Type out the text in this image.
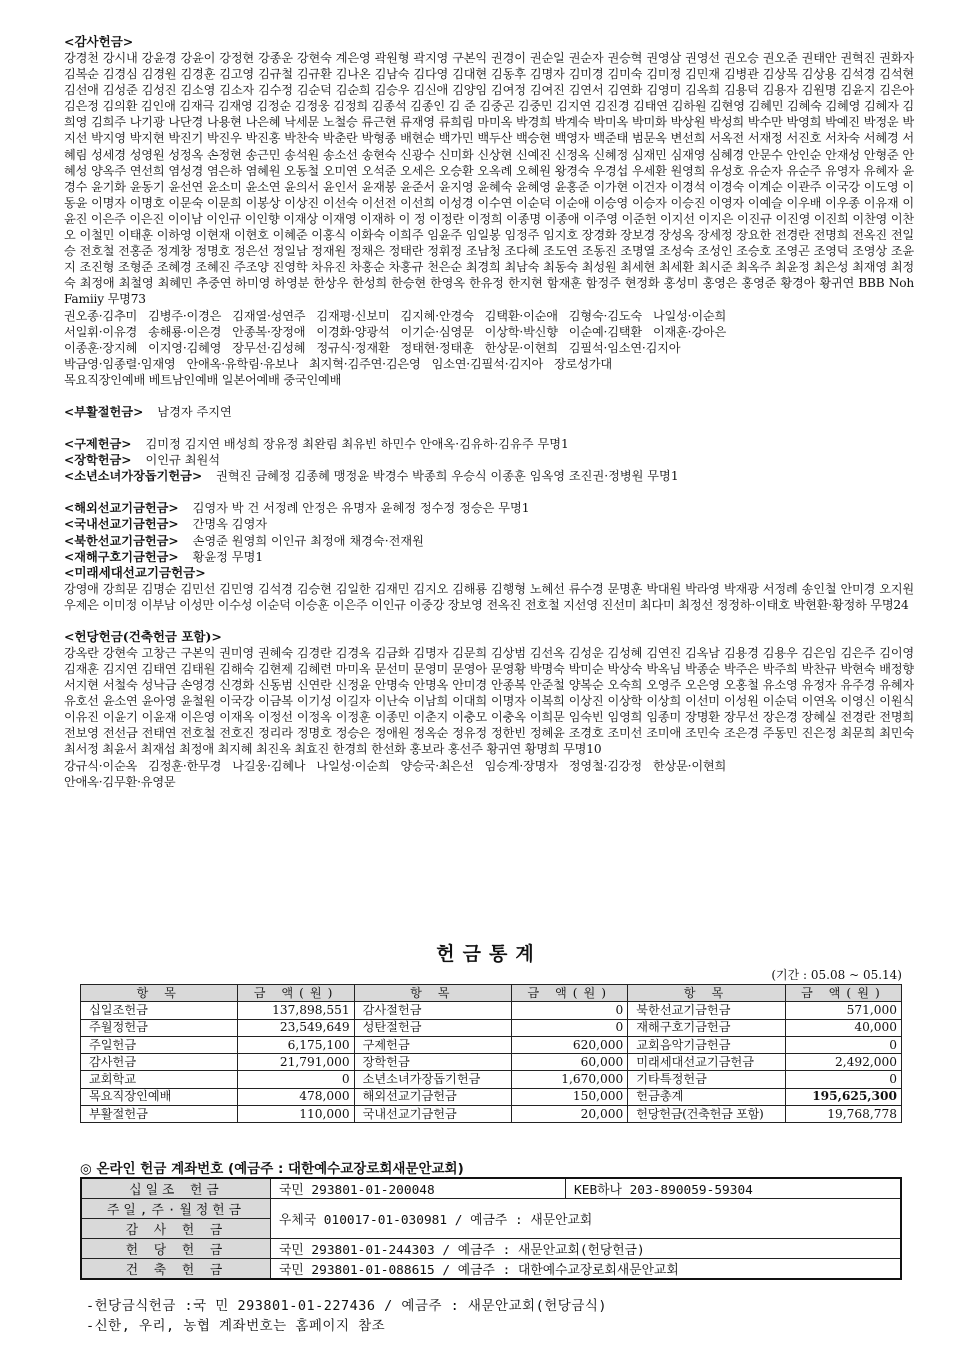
<감사헌금>
강경천 강시내 강윤경 강윤이 강정현 강종운 강현숙 계은영 곽원형 곽지영 구본익 권경이 권순일 권순자 권승혁 권영삼 권영선 권오승 권오준 권태안 권혁진 권화자 김복순 김경심 김경원 김경훈 김고영 김규철 김규환 김나온 김남숙 김다영 김대현 김동후 김명자 김미경 김미숙 김미정 김민재 김병관 김상목 김상용 김석경 김석현 김선애 김성준 김성진 김소영 김소자 김수정 김순덕 김순희 김승우 김신애 김양임 김여정 김여진 김연서 김연화 김영미 김옥희 김용덕 김용자 김원명 김윤지 김은아 김은정 김의환 김인애 김재극 김재영 김정순 김정웅 김정희 김종석 김종인 김 준 김중곤 김중민 김지연 김진경 김태연 김하원 김현영 김혜민 김혜숙 김혜영 김혜자 김희영 김희주 나기광 나단경 나용현 나은혜 낙세문 노철승 류근현 류재영 류희림 마미옥 박경희 박계숙 박미옥 박미화 박상원 박성희 박수만 박영희 박예진 박정운 박지선 박지영 박지현 박진기 박진우 박진홍 박찬숙 박춘란 박형종 배현순 백가민 백두산 백승현 백영자 백준태 범문옥 변선희 서옥전 서재정 서진호 서차숙 서혜경 서혜림 성세경 성영원 성정옥 손정현 송근민 송석원 송소선 송현숙 신광수 신미화 신상현 신예진 신정옥 신혜정 심재민 심재영 심혜경 안문수 안인순 안재성 안형준 안혜성 양옥주 연선희 염성경 염은하 염혜원 오동철 오미연 오석준 오세은 오승환 오옥례 오혜원 왕경숙 우경섭 우세환 원영희 유성호 유순자 유순주 유영자 유혜자 윤경수 윤기화 윤동기 윤선연 윤소미 윤소연 윤의서 윤인서 윤재봉 윤준서 윤지영 윤혜숙 윤혜영 윤홍준 이가현 이건자 이경석 이경숙 이계순 이관주 이국강 이도영 이동윤 이명자 이명호 이문숙 이문희 이봉상 이상진 이선숙 이선전 이선희 이성경 이수연 이순덕 이순애 이승영 이승자 이승진 이영자 이예슬 이우배 이우종 이유재 이윤진 이은주 이은진 이이남 이인규 이인향 이재상 이재영 이재하 이 정 이정란 이정희 이종명 이종애 이주영 이준헌 이지선 이지은 이진규 이진영 이진희 이찬영 이찬오 이철민 이태훈 이하영 이현재 이현호 이혜준 이홍식 이화숙 이희주 임윤주 임일봉 임정주 임지호 장경화 장보경 장성옥 장세정 장요한 전경란 전명희 전옥진 전일승 전호철 전홍준 정계창 정명호 정은선 정일남 정재원 정채은 정태란 정휘정 조남청 조다혜 조도연 조동진 조명열 조성숙 조성인 조승호 조영곤 조영덕 조영상 조윤지 조진형 조형준 조혜경 조혜진 주조양 진영학 차유진 차홍순 차홍규 천은순 최경희 최남숙 최동숙 최성원 최세현 최세환 최시준 최옥주 최윤정 최은성 최재영 최정숙 최정애 최철영 최혜민 추중연 하미영 하영분 한상우 한성희 한승현 한영옥 한유정 한지현 함재훈 함정주 현정화 홍성미 홍영은 홍영준 황경아 황귀연 BBB Noh Famiiy 무명73
권오종·김추미   김병주·이경은   김재열·성연주   김재평·신보미   김지혜·안경숙   김택환·이순애   김형숙·김도숙   나일성·이순희
서일휘·이유경   송해룡·이은경   안종복·장정애   이경화·양광석   이기순·심영문   이상학·박신향   이순예·김택환   이재훈·강아은
이종훈·장지혜   이지영·김혜영   장무선·김성혜   정규식·정재환   정태현·정태훈   한상문·이현희   김필석·임소연·김지아
박금영·임종렬·임재영   안애옥·유학림·유보나   최지혁·김주연·김은영   임소연·김필석·김지아   장로성가대
목요직장인예배 베트남인예배 일본어예배 중국인예배
<부활절헌금> 남경자 주지연
<구제헌금> 김미정 김지연 배성희 장유정 최완림 최유빈 하민수 안애옥·김유하·김유주 무명1
<장학헌금> 이인규 최원석
<소년소녀가장돕기헌금> 권혁진 금혜정 김종혜 맹정윤 박경수 박종희 우승식 이종훈 임옥영 조진권·정병원 무명1
<해외선교기금헌금> 김영자 박 건 서정례 안정은 유명자 윤혜정 정수정 정승은 무명1
<국내선교기금헌금> 간명옥 김영자
<북한선교기금헌금> 손영준 원영희 이인규 최정애 채경숙·전재원
<재해구호기금헌금> 황윤정 무명1
<미래세대선교기금헌금>
강영애 강희문 김명순 김민선 김민영 김석경 김승현 김일한 김재민 김지오 김해룡 김행형 노혜선 류수경 문명훈 박대원 박라영 박재광 서정례 송인철 안미경 오지원 우제은 이미정 이부남 이성만 이수성 이순덕 이승훈 이은주 이인규 이중강 장보영 전옥진 전호철 지선영 진선미 최다미 최정선 정정하·이태호 박현환·황정하 무명24
<헌당헌금(건축헌금 포함)>
강옥란 강현숙 고창근 구본익 권미영 권혜숙 김경란 김경옥 김금화 김명자 김문희 김상범 김선옥 김성운 김성혜 김연진 김옥남 김용경 김용우 김은임 김은주 김이영 김재훈 김지연 김태연 김태원 김해숙 김현제 김혜련 마미옥 문선미 문영미 문영아 문영황 박명숙 박미순 박상숙 박옥님 박종순 박주은 박주희 박찬규 박현숙 배정향 서지현 서철숙 성낙금 손영경 신경화 신동범 신연란 신정윤 안명숙 안명옥 안미경 안종복 안준철 양복순 오숙희 오영주 오은영 오홍철 유소영 유정자 유주경 유혜자 유호선 윤소연 윤아영 윤철원 이국강 이금복 이기성 이길자 이난숙 이남희 이대희 이명자 이복희 이상진 이상학 이상희 이선미 이성원 이순덕 이연옥 이영신 이원식 이유진 이윤기 이윤재 이은영 이재옥 이정선 이정옥 이정훈 이종민 이춘지 이충모 이충옥 이희문 임숙빈 임영희 임종미 장명환 장무선 장은경 장혜실 전경란 전명희 전보영 전선금 전태연 전호철 전호진 정리라 정명호 정승은 정애원 정옥순 정유정 정한빈 정혜윤 조경호 조미선 조미애 조민숙 조은경 주동민 진은정 최문희 최민숙 최서정 최윤서 최재섭 최정애 최지혜 최진옥 최효진 한경희 한선화 홍보라 홍선주 황귀연 황명희 무명10
강규식·이순옥   김정훈·한무경   나길웅·김혜나   나일성·이순희   양승국·최은선   임승계·장명자   정영철·김강정   한상문·이현희
안애옥·김무환·유영문
헌금통계
(기간 : 05.08 ~ 05.14)
항 목	금 액(원)	항 목	금 액(원)	항 목	금 액(원)
십일조헌금	137,898,551	감사절헌금	0	북한선교기금헌금	571,000
주월정헌금	23,549,649	성탄절헌금	0	재해구호기금헌금	40,000
주일헌금	6,175,100	구제헌금	620,000	교회음악기금헌금	0
감사헌금	21,791,000	장학헌금	60,000	미래세대선교기금헌금	2,492,000
교회학교	0	소년소녀가장돕기헌금	1,670,000	기타특정헌금	0
목요직장인예배	478,000	해외선교기금헌금	150,000	헌금총계	195,625,300
부활절헌금	110,000	국내선교기금헌금	20,000	헌당헌금(건축헌금 포함)	19,768,778
◎ 온라인 헌금 계좌번호 (예금주 : 대한예수교장로회새문안교회)
십일조 헌금	국민 293801-01-200048	KEB하나 203-890059-59304
주일,주·월정헌금	우체국 010017-01-030981 / 예금주 : 새문안교회	
감 사 헌 금		
헌 당 헌 금	국민 293801-01-244303 / 예금주 : 새문안교회(헌당헌금)	
건 축 헌 금	국민 293801-01-088615 / 예금주 : 대한예수교장로회새문안교회	
-헌당금식헌금 :국 민 293801-01-227436 / 예금주 : 새문안교회(헌당금식)
-신한, 우리, 농협 계좌번호는 홈페이지 참조
